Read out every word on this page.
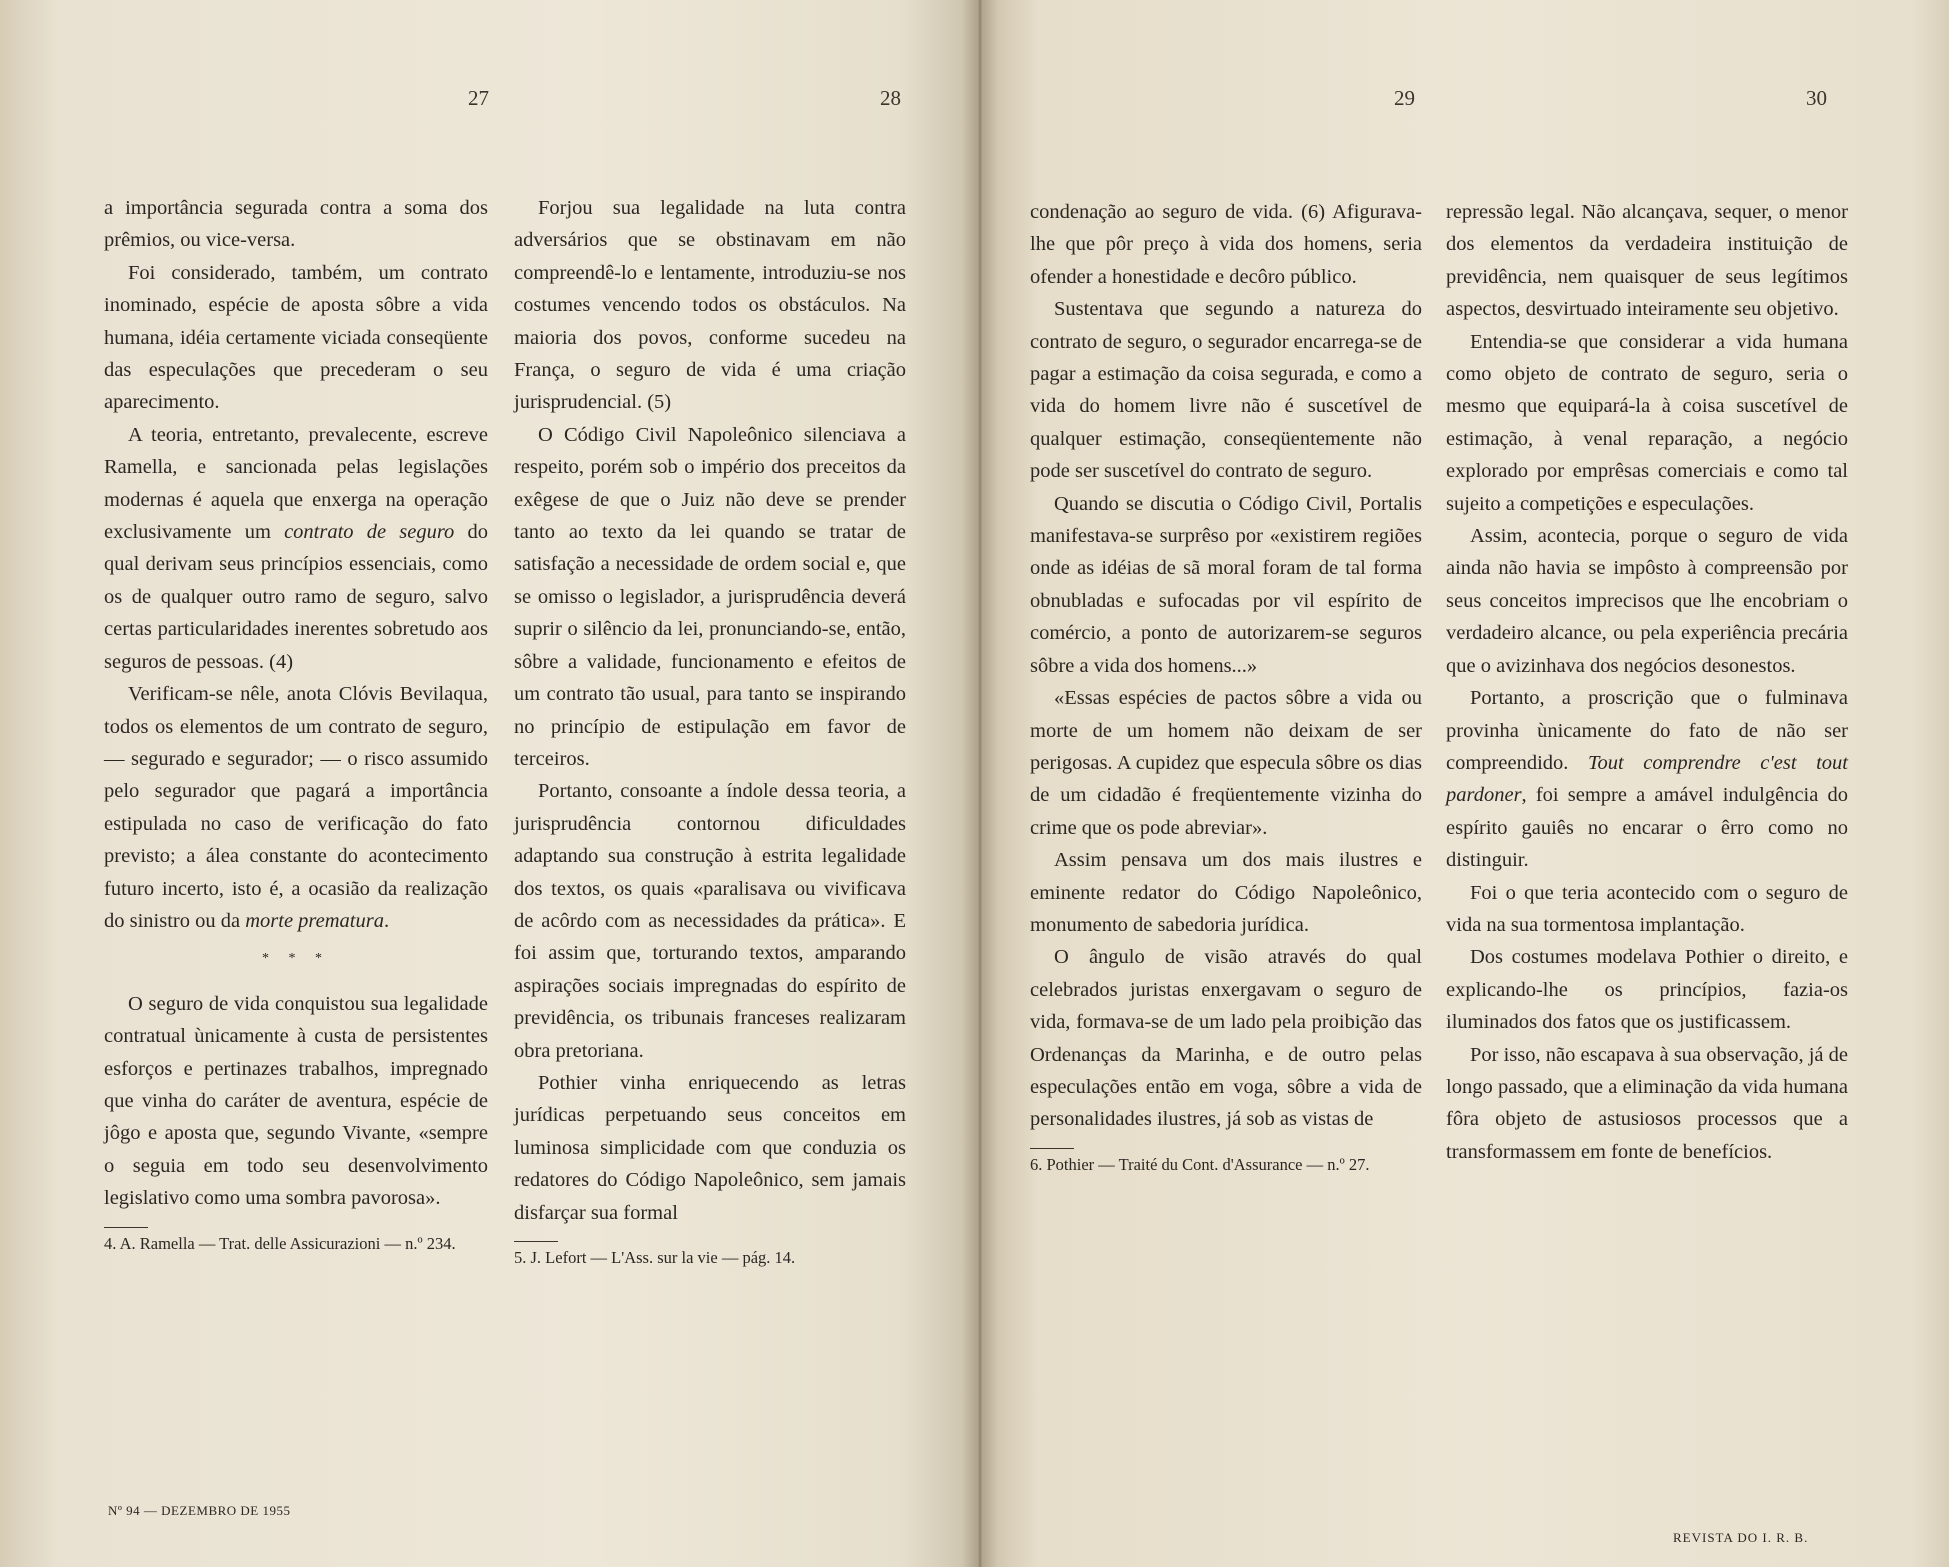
27	28	29	30

a importância segurada contra a soma dos prêmios, ou vice-versa.

Foi considerado, também, um contrato inominado, espécie de aposta sôbre a vida humana, idéia certamente viciada conseqüente das especulações que precederam o seu aparecimento.

A teoria, entretanto, prevalecente, escreve Ramella, e sancionada pelas legislações modernas é aquela que enxerga na operação exclusivamente um contrato de seguro do qual derivam seus princípios essenciais, como os de qualquer outro ramo de seguro, salvo certas particularidades inerentes sobretudo aos seguros de pessoas. (4)

Verificam-se nêle, anota Clóvis Bevilaqua, todos os elementos de um contrato de seguro, — segurado e segurador; — o risco assumido pelo segurador que pagará a importância estipulada no caso de verificação do fato previsto; a álea constante do acontecimento futuro incerto, isto é, a ocasião da realização do sinistro ou da morte prematura.

* * *

O seguro de vida conquistou sua legalidade contratual ùnicamente à custa de persistentes esforços e pertinazes trabalhos, impregnado que vinha do caráter de aventura, espécie de jôgo e aposta que, segundo Vivante, «sempre o seguia em todo seu desenvolvimento legislativo como uma sombra pavorosa».

4. A. Ramella — Trat. delle Assicurazioni — n.º 234.

Forjou sua legalidade na luta contra adversários que se obstinavam em não compreendê-lo e lentamente, introduziu-se nos costumes vencendo todos os obstáculos. Na maioria dos povos, conforme sucedeu na França, o seguro de vida é uma criação jurisprudencial. (5)

O Código Civil Napoleônico silenciava a respeito, porém sob o império dos preceitos da exêgese de que o Juiz não deve se prender tanto ao texto da lei quando se tratar de satisfação a necessidade de ordem social e, que se omisso o legislador, a jurisprudência deverá suprir o silêncio da lei, pronunciando-se, então, sôbre a validade, funcionamento e efeitos de um contrato tão usual, para tanto se inspirando no princípio de estipulação em favor de terceiros.

Portanto, consoante a índole dessa teoria, a jurisprudência contornou dificuldades adaptando sua construção à estrita legalidade dos textos, os quais «paralisava ou vivificava de acôrdo com as necessidades da prática». E foi assim que, torturando textos, amparando aspirações sociais impregnadas do espírito de previdência, os tribunais franceses realizaram obra pretoriana.

Pothier vinha enriquecendo as letras jurídicas perpetuando seus conceitos em luminosa simplicidade com que conduzia os redatores do Código Napoleônico, sem jamais disfarçar sua formal

5. J. Lefort — L'Ass. sur la vie — pág. 14.

condenação ao seguro de vida. (6) Afigurava-lhe que pôr preço à vida dos homens, seria ofender a honestidade e decôro público.

Sustentava que segundo a natureza do contrato de seguro, o segurador encarrega-se de pagar a estimação da coisa segurada, e como a vida do homem livre não é suscetível de qualquer estimação, conseqüentemente não pode ser suscetível do contrato de seguro.

Quando se discutia o Código Civil, Portalis manifestava-se surprêso por «existirem regiões onde as idéias de sã moral foram de tal forma obnubladas e sufocadas por vil espírito de comércio, a ponto de autorizarem-se seguros sôbre a vida dos homens...»

«Essas espécies de pactos sôbre a vida ou morte de um homem não deixam de ser perigosas. A cupidez que especula sôbre os dias de um cidadão é freqüentemente vizinha do crime que os pode abreviar».

Assim pensava um dos mais ilustres e eminente redator do Código Napoleônico, monumento de sabedoria jurídica.

O ângulo de visão através do qual celebrados juristas enxergavam o seguro de vida, formava-se de um lado pela proibição das Ordenanças da Marinha, e de outro pelas especulações então em voga, sôbre a vida de personalidades ilustres, já sob as vistas de

6. Pothier — Traité du Cont. d'Assurance — n.º 27.

repressão legal. Não alcançava, sequer, o menor dos elementos da verdadeira instituição de previdência, nem quaisquer de seus legítimos aspectos, desvirtuado inteiramente seu objetivo.

Entendia-se que considerar a vida humana como objeto de contrato de seguro, seria o mesmo que equipará-la à coisa suscetível de estimação, à venal reparação, a negócio explorado por emprêsas comerciais e como tal sujeito a competições e especulações.

Assim, acontecia, porque o seguro de vida ainda não havia se impôsto à compreensão por seus conceitos imprecisos que lhe encobriam o verdadeiro alcance, ou pela experiência precária que o avizinhava dos negócios desonestos.

Portanto, a proscrição que o fulminava provinha ùnicamente do fato de não ser compreendido. Tout comprendre c'est tout pardoner, foi sempre a amável indulgência do espírito gauiês no encarar o êrro como no distinguir.

Foi o que teria acontecido com o seguro de vida na sua tormentosa implantação.

Dos costumes modelava Pothier o direito, e explicando-lhe os princípios, fazia-os iluminados dos fatos que os justificassem.

Por isso, não escapava à sua observação, já de longo passado, que a eliminação da vida humana fôra objeto de astusiosos processos que a transformassem em fonte de benefícios.

Nº 94 — DEZEMBRO DE 1955
REVISTA DO I. R. B.
